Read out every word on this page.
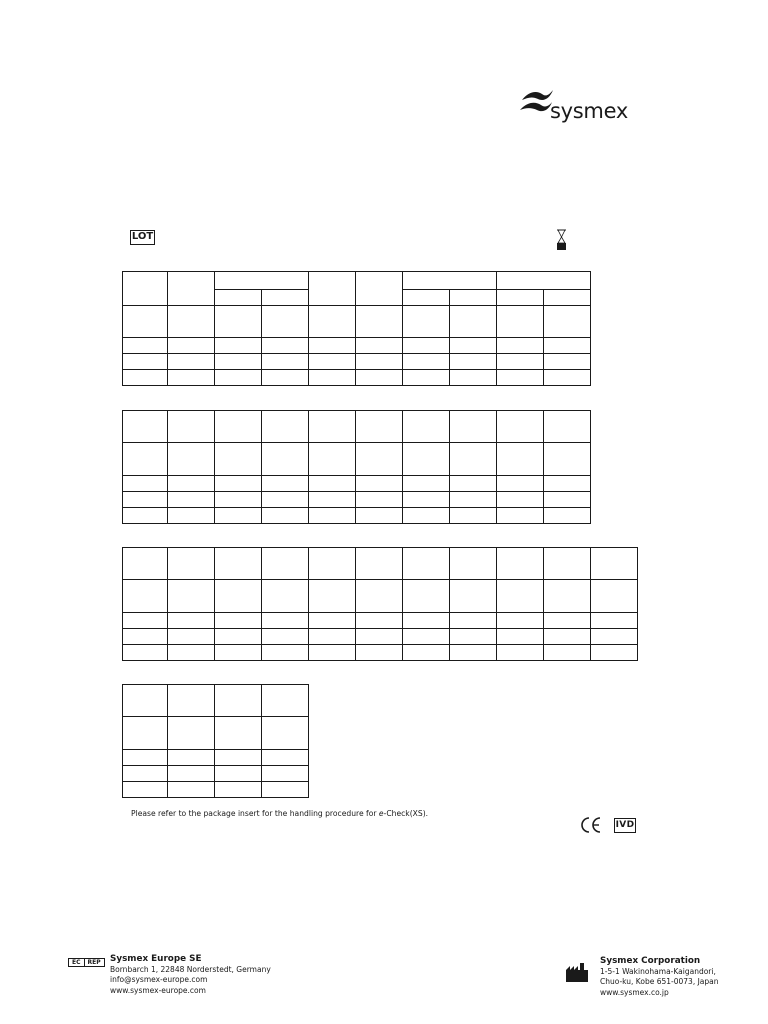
sysmex
LOT

Please refer to the package insert for the handling procedure for e-Check(XS).
IVD
EC	REP	Sysmex Europe SE
Bornbarch 1, 22848 Norderstedt, Germany
info@sysmex-europe.com
www.sysmex-europe.com
Sysmex Corporation
1-5-1 Wakinohama-Kaigandori,
Chuo-ku, Kobe 651-0073, Japan
www.sysmex.co.jp
